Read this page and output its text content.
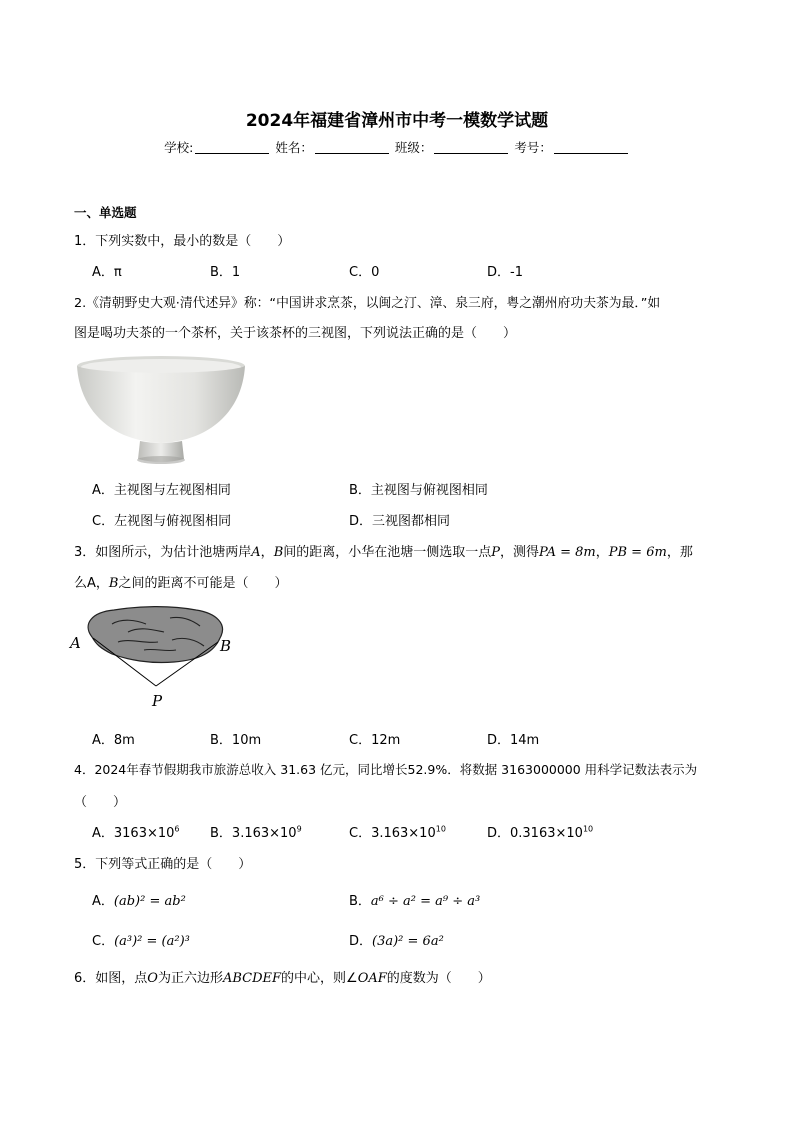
2024年福建省漳州市中考一模数学试题
学校:	姓名：	班级：	考号：
一、单选题
1．下列实数中，最小的数是（　　）
A．π	B．1	C．0	D．-1
2.《清朝野史大观·清代述异》称：“中国讲求烹茶，以闽之汀、漳、泉三府，粤之潮州府功夫茶为最．”如
图是喝功夫茶的一个茶杯，关于该茶杯的三视图，下列说法正确的是（　　）
A．主视图与左视图相同	B．主视图与俯视图相同
C．左视图与俯视图相同	D．三视图都相同
3．如图所示，为估计池塘两岸A，B间的距离，小华在池塘一侧选取一点P，测得PA = 8m，PB = 6m，那
么A，B之间的距离不可能是（　　）
A	B
P
A．8m	B．10m	C．12m	D．14m
4．2024年春节假期我市旅游总收入 31.63 亿元，同比增长52.9%．将数据 3163000000 用科学记数法表示为
（　　）
A．$3163\times 10^6$ B．$3.163\times 10^9$	C．$3.163\times 10^{10}$	D．$0.3163\times 10^{10}$
5．下列等式正确的是（　　）
A．(ab)² = ab²	B．a⁶ ÷ a² = a⁹ ÷ a³
C．(a³)² = (a²)³	D．(3a)² = 6a²
6．如图，点O为正六边形ABCDEF的中心，则∠OAF的度数为（　　）
